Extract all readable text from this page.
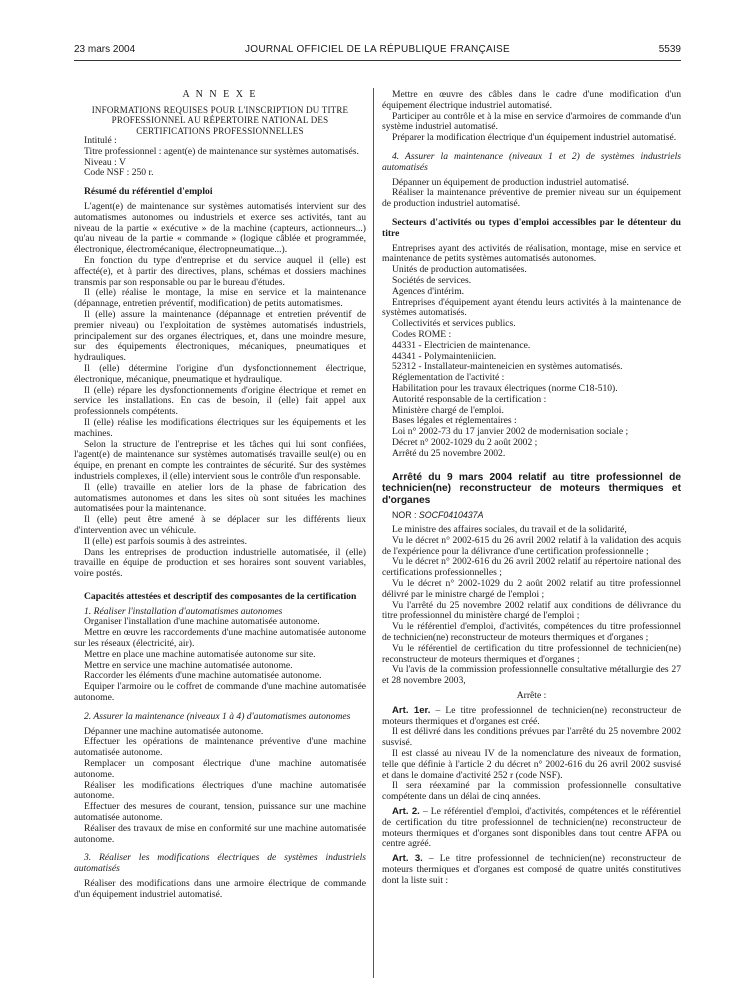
23 mars 2004	JOURNAL OFFICIEL DE LA RÉPUBLIQUE FRANÇAISE	5539

A N N E X E

INFORMATIONS REQUISES POUR L'INSCRIPTION DU TITRE PROFESSIONNEL AU RÉPERTOIRE NATIONAL DES CERTIFICATIONS PROFESSIONNELLES

Intitulé :

Titre professionnel : agent(e) de maintenance sur systèmes automatisés.

Niveau : V

Code NSF : 250 r.

Résumé du référentiel d'emploi

L'agent(e) de maintenance sur systèmes automatisés intervient sur des automatismes autonomes ou industriels et exerce ses activités, tant au niveau de la partie « exécutive » de la machine (capteurs, actionneurs...) qu'au niveau de la partie « commande » (logique câblée et programmée, électronique, électromécanique, électropneumatique...).

En fonction du type d'entreprise et du service auquel il (elle) est affecté(e), et à partir des directives, plans, schémas et dossiers machines transmis par son responsable ou par le bureau d'études.

Il (elle) réalise le montage, la mise en service et la maintenance (dépannage, entretien préventif, modification) de petits automatismes.

Il (elle) assure la maintenance (dépannage et entretien préventif de premier niveau) ou l'exploitation de systèmes automatisés industriels, principalement sur des organes électriques, et, dans une moindre mesure, sur des équipements électroniques, mécaniques, pneumatiques et hydrauliques.

Il (elle) détermine l'origine d'un dysfonctionnement électrique, électronique, mécanique, pneumatique et hydraulique.

Il (elle) répare les dysfonctionnements d'origine électrique et remet en service les installations. En cas de besoin, il (elle) fait appel aux professionnels compétents.

Il (elle) réalise les modifications électriques sur les équipements et les machines.

Selon la structure de l'entreprise et les tâches qui lui sont confiées, l'agent(e) de maintenance sur systèmes automatisés travaille seul(e) ou en équipe, en prenant en compte les contraintes de sécurité. Sur des systèmes industriels complexes, il (elle) intervient sous le contrôle d'un responsable.

Il (elle) travaille en atelier lors de la phase de fabrication des automatismes autonomes et dans les sites où sont situées les machines automatisées pour la maintenance.

Il (elle) peut être amené à se déplacer sur les différents lieux d'intervention avec un véhicule.

Il (elle) est parfois soumis à des astreintes.

Dans les entreprises de production industrielle automatisée, il (elle) travaille en équipe de production et ses horaires sont souvent variables, voire postés.

Capacités attestées et descriptif des composantes de la certification

1. Réaliser l'installation d'automatismes autonomes

Organiser l'installation d'une machine automatisée autonome.

Mettre en œuvre les raccordements d'une machine automatisée autonome sur les réseaux (électricité, air).

Mettre en place une machine automatisée autonome sur site.

Mettre en service une machine automatisée autonome.

Raccorder les éléments d'une machine automatisée autonome.

Equiper l'armoire ou le coffret de commande d'une machine automatisée autonome.

2. Assurer la maintenance (niveaux 1 à 4) d'automatismes autonomes

Dépanner une machine automatisée autonome.

Effectuer les opérations de maintenance préventive d'une machine automatisée autonome.

Remplacer un composant électrique d'une machine automatisée autonome.

Réaliser les modifications électriques d'une machine automatisée autonome.

Effectuer des mesures de courant, tension, puissance sur une machine automatisée autonome.

Réaliser des travaux de mise en conformité sur une machine automatisée autonome.

3. Réaliser les modifications électriques de systèmes industriels automatisés

Réaliser des modifications dans une armoire électrique de commande d'un équipement industriel automatisé.

Mettre en œuvre des câbles dans le cadre d'une modification d'un équipement électrique industriel automatisé.

Participer au contrôle et à la mise en service d'armoires de commande d'un système industriel automatisé.

Préparer la modification électrique d'un équipement industriel automatisé.

4. Assurer la maintenance (niveaux 1 et 2) de systèmes industriels automatisés

Dépanner un équipement de production industriel automatisé.

Réaliser la maintenance préventive de premier niveau sur un équipement de production industriel automatisé.

Secteurs d'activités ou types d'emploi accessibles par le détenteur du titre

Entreprises ayant des activités de réalisation, montage, mise en service et maintenance de petits systèmes automatisés autonomes.

Unités de production automatisées.

Sociétés de services.

Agences d'intérim.

Entreprises d'équipement ayant étendu leurs activités à la maintenance de systèmes automatisés.

Collectivités et services publics.

Codes ROME :

44331 - Electricien de maintenance.

44341 - Polymainteniicien.

52312 - Installateur-mainteneicien en systèmes automatisés.

Réglementation de l'activité :

Habilitation pour les travaux électriques (norme C18-510).

Autorité responsable de la certification :

Ministère chargé de l'emploi.

Bases légales et réglementaires :

Loi n° 2002-73 du 17 janvier 2002 de modernisation sociale ;

Décret n° 2002-1029 du 2 août 2002 ;

Arrêté du 25 novembre 2002.

Arrêté du 9 mars 2004 relatif au titre professionnel de technicien(ne) reconstructeur de moteurs thermiques et d'organes

NOR : SOCF0410437A

Le ministre des affaires sociales, du travail et de la solidarité,

Vu le décret n° 2002-615 du 26 avril 2002 relatif à la validation des acquis de l'expérience pour la délivrance d'une certification professionnelle ;

Vu le décret n° 2002-616 du 26 avril 2002 relatif au répertoire national des certifications professionnelles ;

Vu le décret n° 2002-1029 du 2 août 2002 relatif au titre professionnel délivré par le ministre chargé de l'emploi ;

Vu l'arrêté du 25 novembre 2002 relatif aux conditions de délivrance du titre professionnel du ministère chargé de l'emploi ;

Vu le référentiel d'emploi, d'activités, compétences du titre professionnel de technicien(ne) reconstructeur de moteurs thermiques et d'organes ;

Vu le référentiel de certification du titre professionnel de technicien(ne) reconstructeur de moteurs thermiques et d'organes ;

Vu l'avis de la commission professionnelle consultative métallurgie des 27 et 28 novembre 2003,

Arrête :

Art. 1er. – Le titre professionnel de technicien(ne) reconstructeur de moteurs thermiques et d'organes est créé.

Il est délivré dans les conditions prévues par l'arrêté du 25 novembre 2002 susvisé.

Il est classé au niveau IV de la nomenclature des niveaux de formation, telle que définie à l'article 2 du décret n° 2002-616 du 26 avril 2002 susvisé et dans le domaine d'activité 252 r (code NSF).

Il sera réexaminé par la commission professionnelle consultative compétente dans un délai de cinq années.

Art. 2. – Le référentiel d'emploi, d'activités, compétences et le référentiel de certification du titre professionnel de technicien(ne) reconstructeur de moteurs thermiques et d'organes sont disponibles dans tout centre AFPA ou centre agréé.

Art. 3. – Le titre professionnel de technicien(ne) reconstructeur de moteurs thermiques et d'organes est composé de quatre unités constitutives dont la liste suit :
